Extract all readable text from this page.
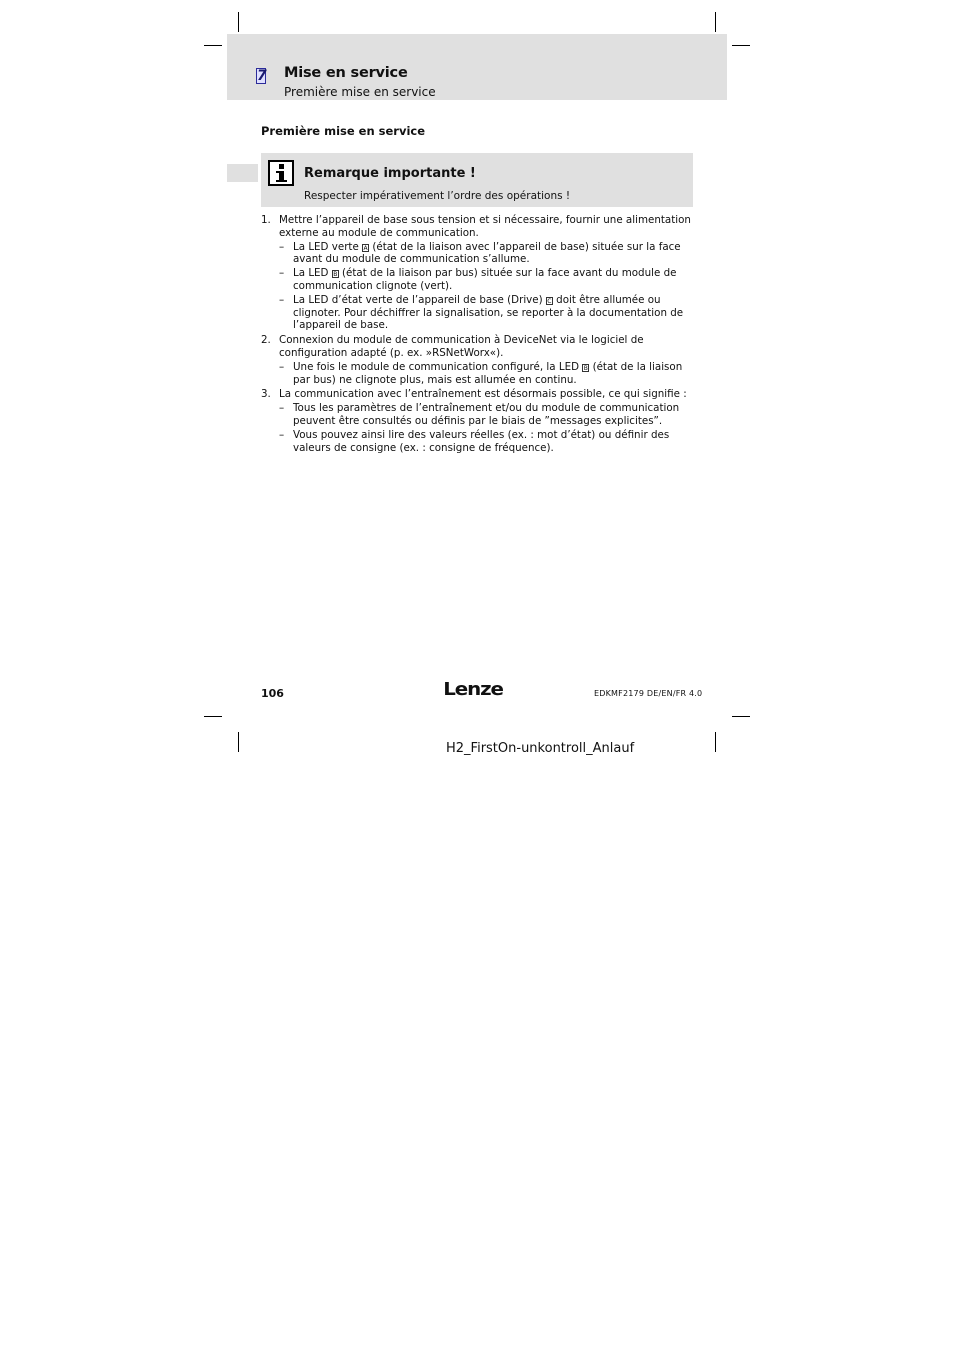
7 Mise en service
Première mise en service
Première mise en service
Remarque importante !
Respecter impérativement l’ordre des opérations !
1. Mettre l’appareil de base sous tension et si nécessaire, fournir une alimentation externe au module de communication.
– La LED verte A (état de la liaison avec l’appareil de base) située sur la face avant du module de communication s’allume.
– La LED B (état de la liaison par bus) située sur la face avant du module de communication clignote (vert).
– La LED d’état verte de l’appareil de base (Drive) C doit être allumée ou clignoter. Pour déchiffrer la signalisation, se reporter à la documentation de l’appareil de base.
2. Connexion du module de communication à DeviceNet via le logiciel de configuration adapté (p. ex. »RSNetWorx«).
– Une fois le module de communication configuré, la LED B (état de la liaison par bus) ne clignote plus, mais est allumée en continu.
3. La communication avec l’entraînement est désormais possible, ce qui signifie :
– Tous les paramètres de l’entraînement et/ou du module de communication peuvent être consultés ou définis par le biais de ”messages explicites”.
– Vous pouvez ainsi lire des valeurs réelles (ex. : mot d’état) ou définir des valeurs de consigne (ex. : consigne de fréquence).
106	Lenze	EDKMF2179 DE/EN/FR 4.0
H2_FirstOn-unkontroll_Anlauf
